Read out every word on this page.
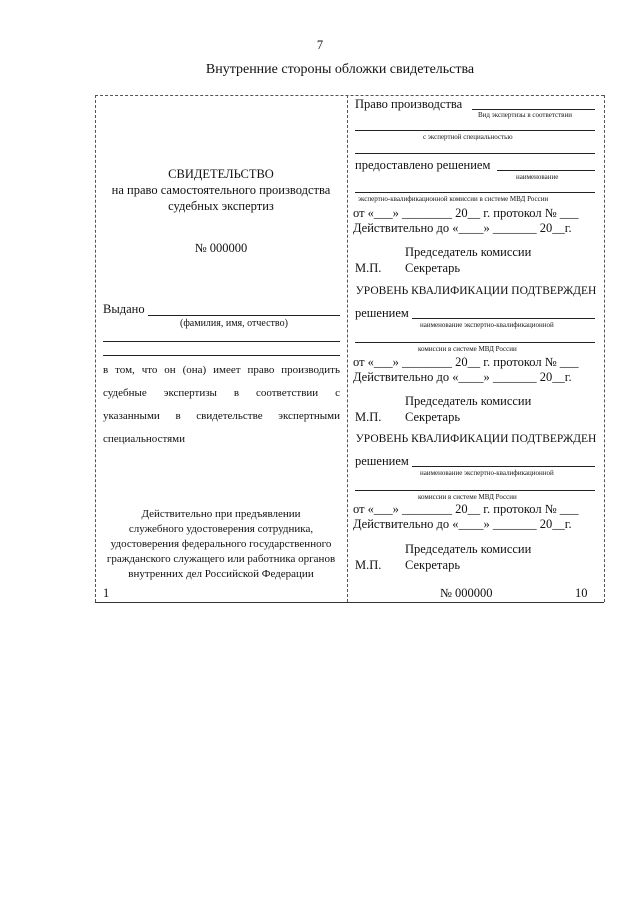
7
Внутренние стороны обложки свидетельства
СВИДЕТЕЛЬСТВО
на право самостоятельного производства
судебных экспертиз
№ 000000
Выдано
(фамилия, имя, отчество)
в том, что он (она) имеет право производить
судебные экспертизы в соответствии с
указанными в свидетельстве экспертными
специальностями
Действительно при предъявлении
служебного удостоверения сотрудника,
удостоверения федерального государственного
гражданского служащего или работника органов
внутренних дел Российской Федерации
1
Право производства
Вид экспертизы в соответствии
с экспертной специальностью
предоставлено решением
наименование
экспертно-квалификационной комиссии в системе МВД России
от «___» ________ 20__ г. протокол № ___
Действительно до «____» _______ 20__г.
Председатель комиссии
М.П. Секретарь
УРОВЕНЬ КВАЛИФИКАЦИИ ПОДТВЕРЖДЕН
решением
наименование экспертно-квалификационной
комиссии в системе МВД России
от «___» ________ 20__ г. протокол № ___
Действительно до «____» _______ 20__г.
Председатель комиссии
М.П. Секретарь
УРОВЕНЬ КВАЛИФИКАЦИИ ПОДТВЕРЖДЕН
решением
наименование экспертно-квалификационной
комиссии в системе МВД России
от «___» ________ 20__ г. протокол № ___
Действительно до «____» _______ 20__г.
Председатель комиссии
М.П. Секретарь
№ 000000	10
